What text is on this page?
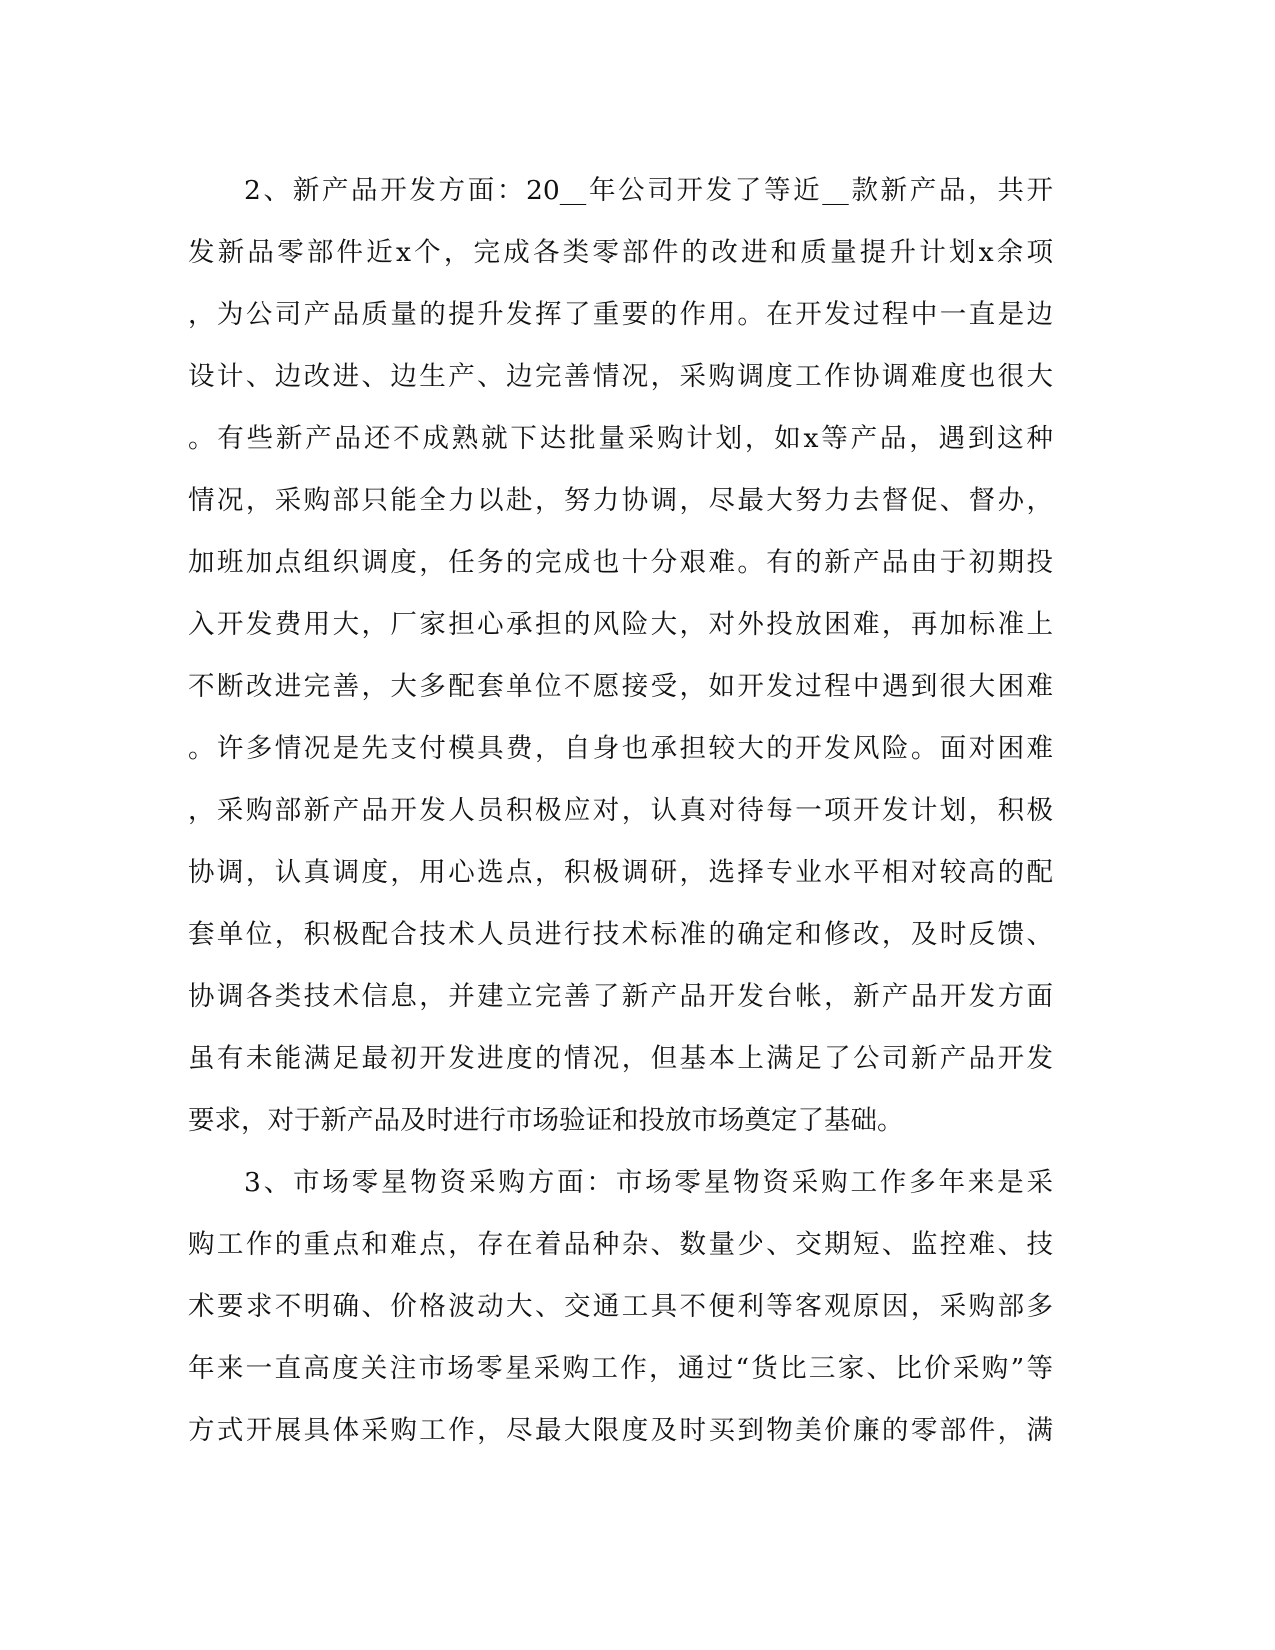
2、新产品开发方面：20__年公司开发了等近__款新产品，共开
发新品零部件近x个，完成各类零部件的改进和质量提升计划x余项
，为公司产品质量的提升发挥了重要的作用。在开发过程中一直是边
设计、边改进、边生产、边完善情况，采购调度工作协调难度也很大
。有些新产品还不成熟就下达批量采购计划，如x等产品，遇到这种
情况，采购部只能全力以赴，努力协调，尽最大努力去督促、督办，
加班加点组织调度，任务的完成也十分艰难。有的新产品由于初期投
入开发费用大，厂家担心承担的风险大，对外投放困难，再加标准上
不断改进完善，大多配套单位不愿接受，如开发过程中遇到很大困难
。许多情况是先支付模具费，自身也承担较大的开发风险。面对困难
，采购部新产品开发人员积极应对，认真对待每一项开发计划，积极
协调，认真调度，用心选点，积极调研，选择专业水平相对较高的配
套单位，积极配合技术人员进行技术标准的确定和修改，及时反馈、
协调各类技术信息，并建立完善了新产品开发台帐，新产品开发方面
虽有未能满足最初开发进度的情况，但基本上满足了公司新产品开发
要求，对于新产品及时进行市场验证和投放市场奠定了基础。
3、市场零星物资采购方面：市场零星物资采购工作多年来是采
购工作的重点和难点，存在着品种杂、数量少、交期短、监控难、技
术要求不明确、价格波动大、交通工具不便利等客观原因，采购部多
年来一直高度关注市场零星采购工作，通过“货比三家、比价采购”等
方式开展具体采购工作，尽最大限度及时买到物美价廉的零部件，满
